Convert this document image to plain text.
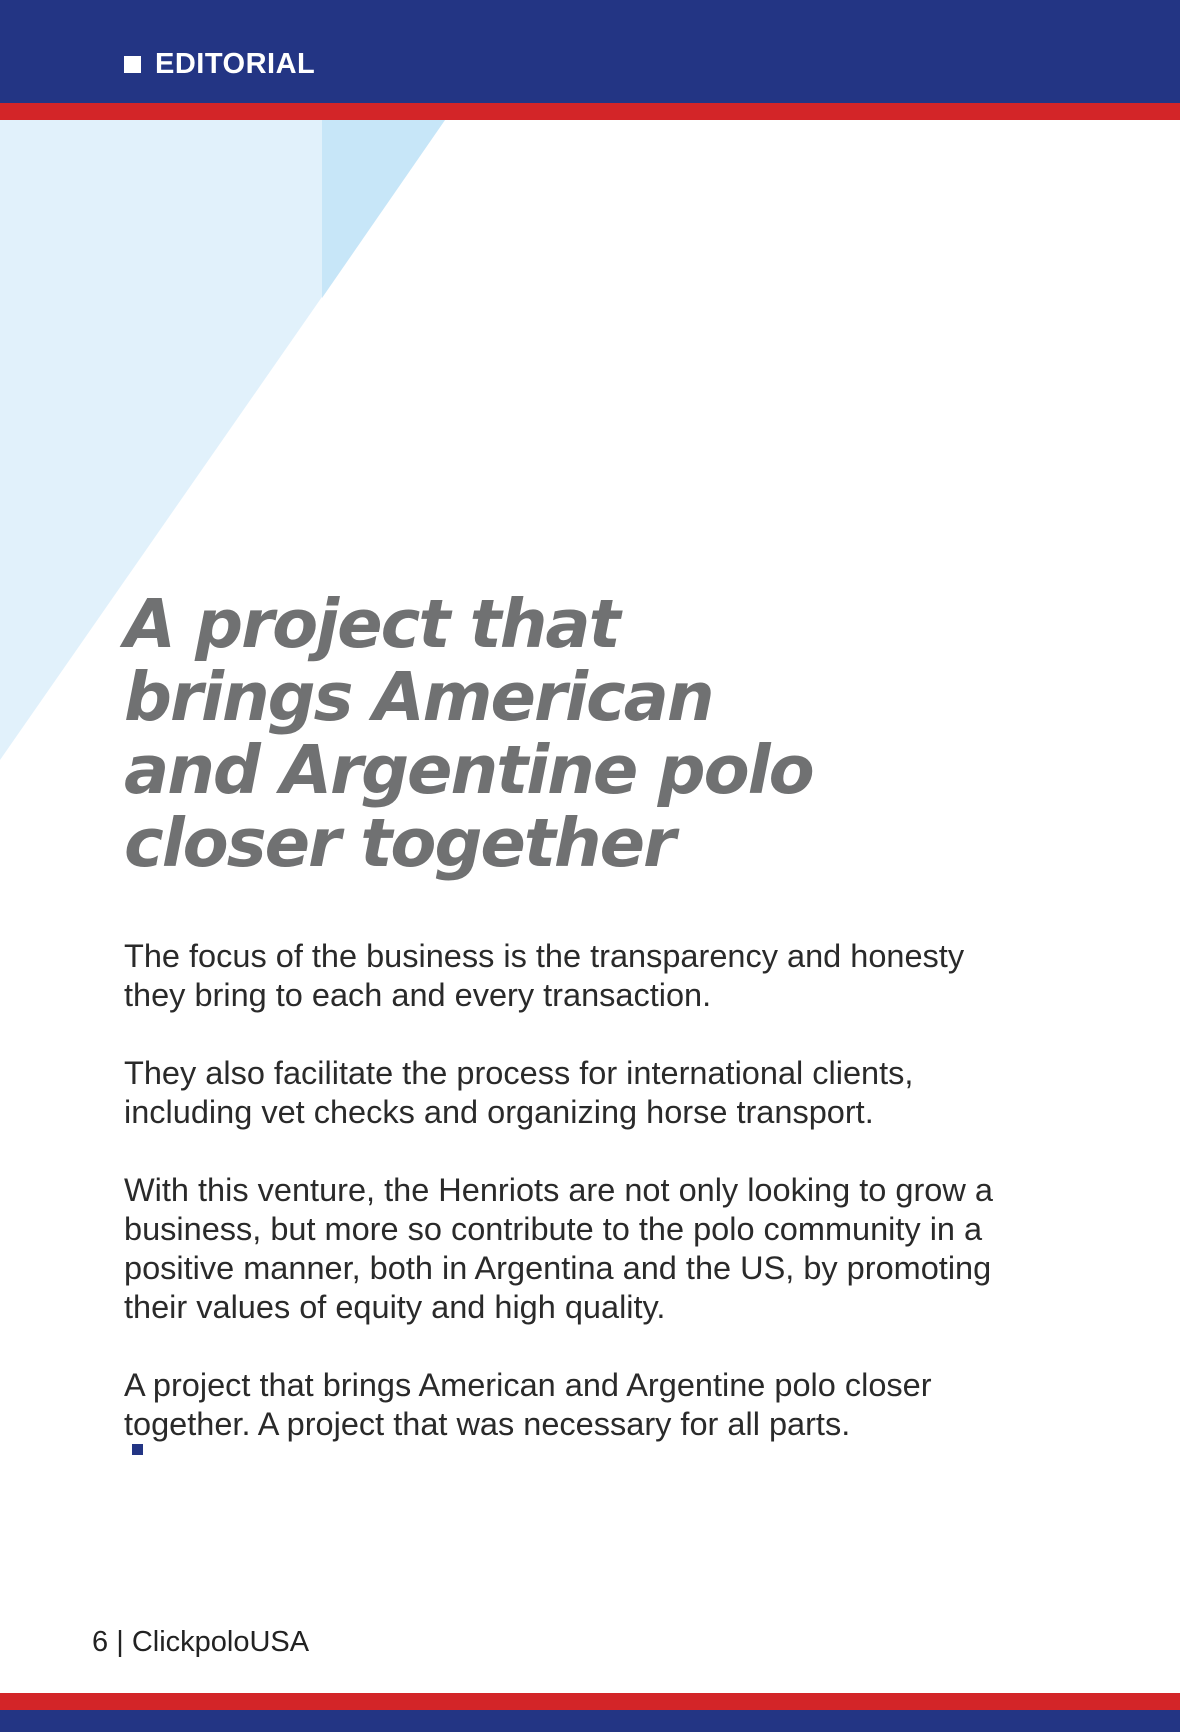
EDITORIAL
A project that
brings American
and Argentine polo
closer together

The focus of the business is the transparency and honesty
they bring to each and every transaction.

They also facilitate the process for international clients,
including vet checks and organizing horse transport.

With this venture, the Henriots are not only looking to grow a
business, but more so contribute to the polo community in a
positive manner, both in Argentina and the US, by promoting
their values of equity and high quality.

A project that brings American and Argentine polo closer
together. A project that was necessary for all parts.

6 | ClickpoloUSA
